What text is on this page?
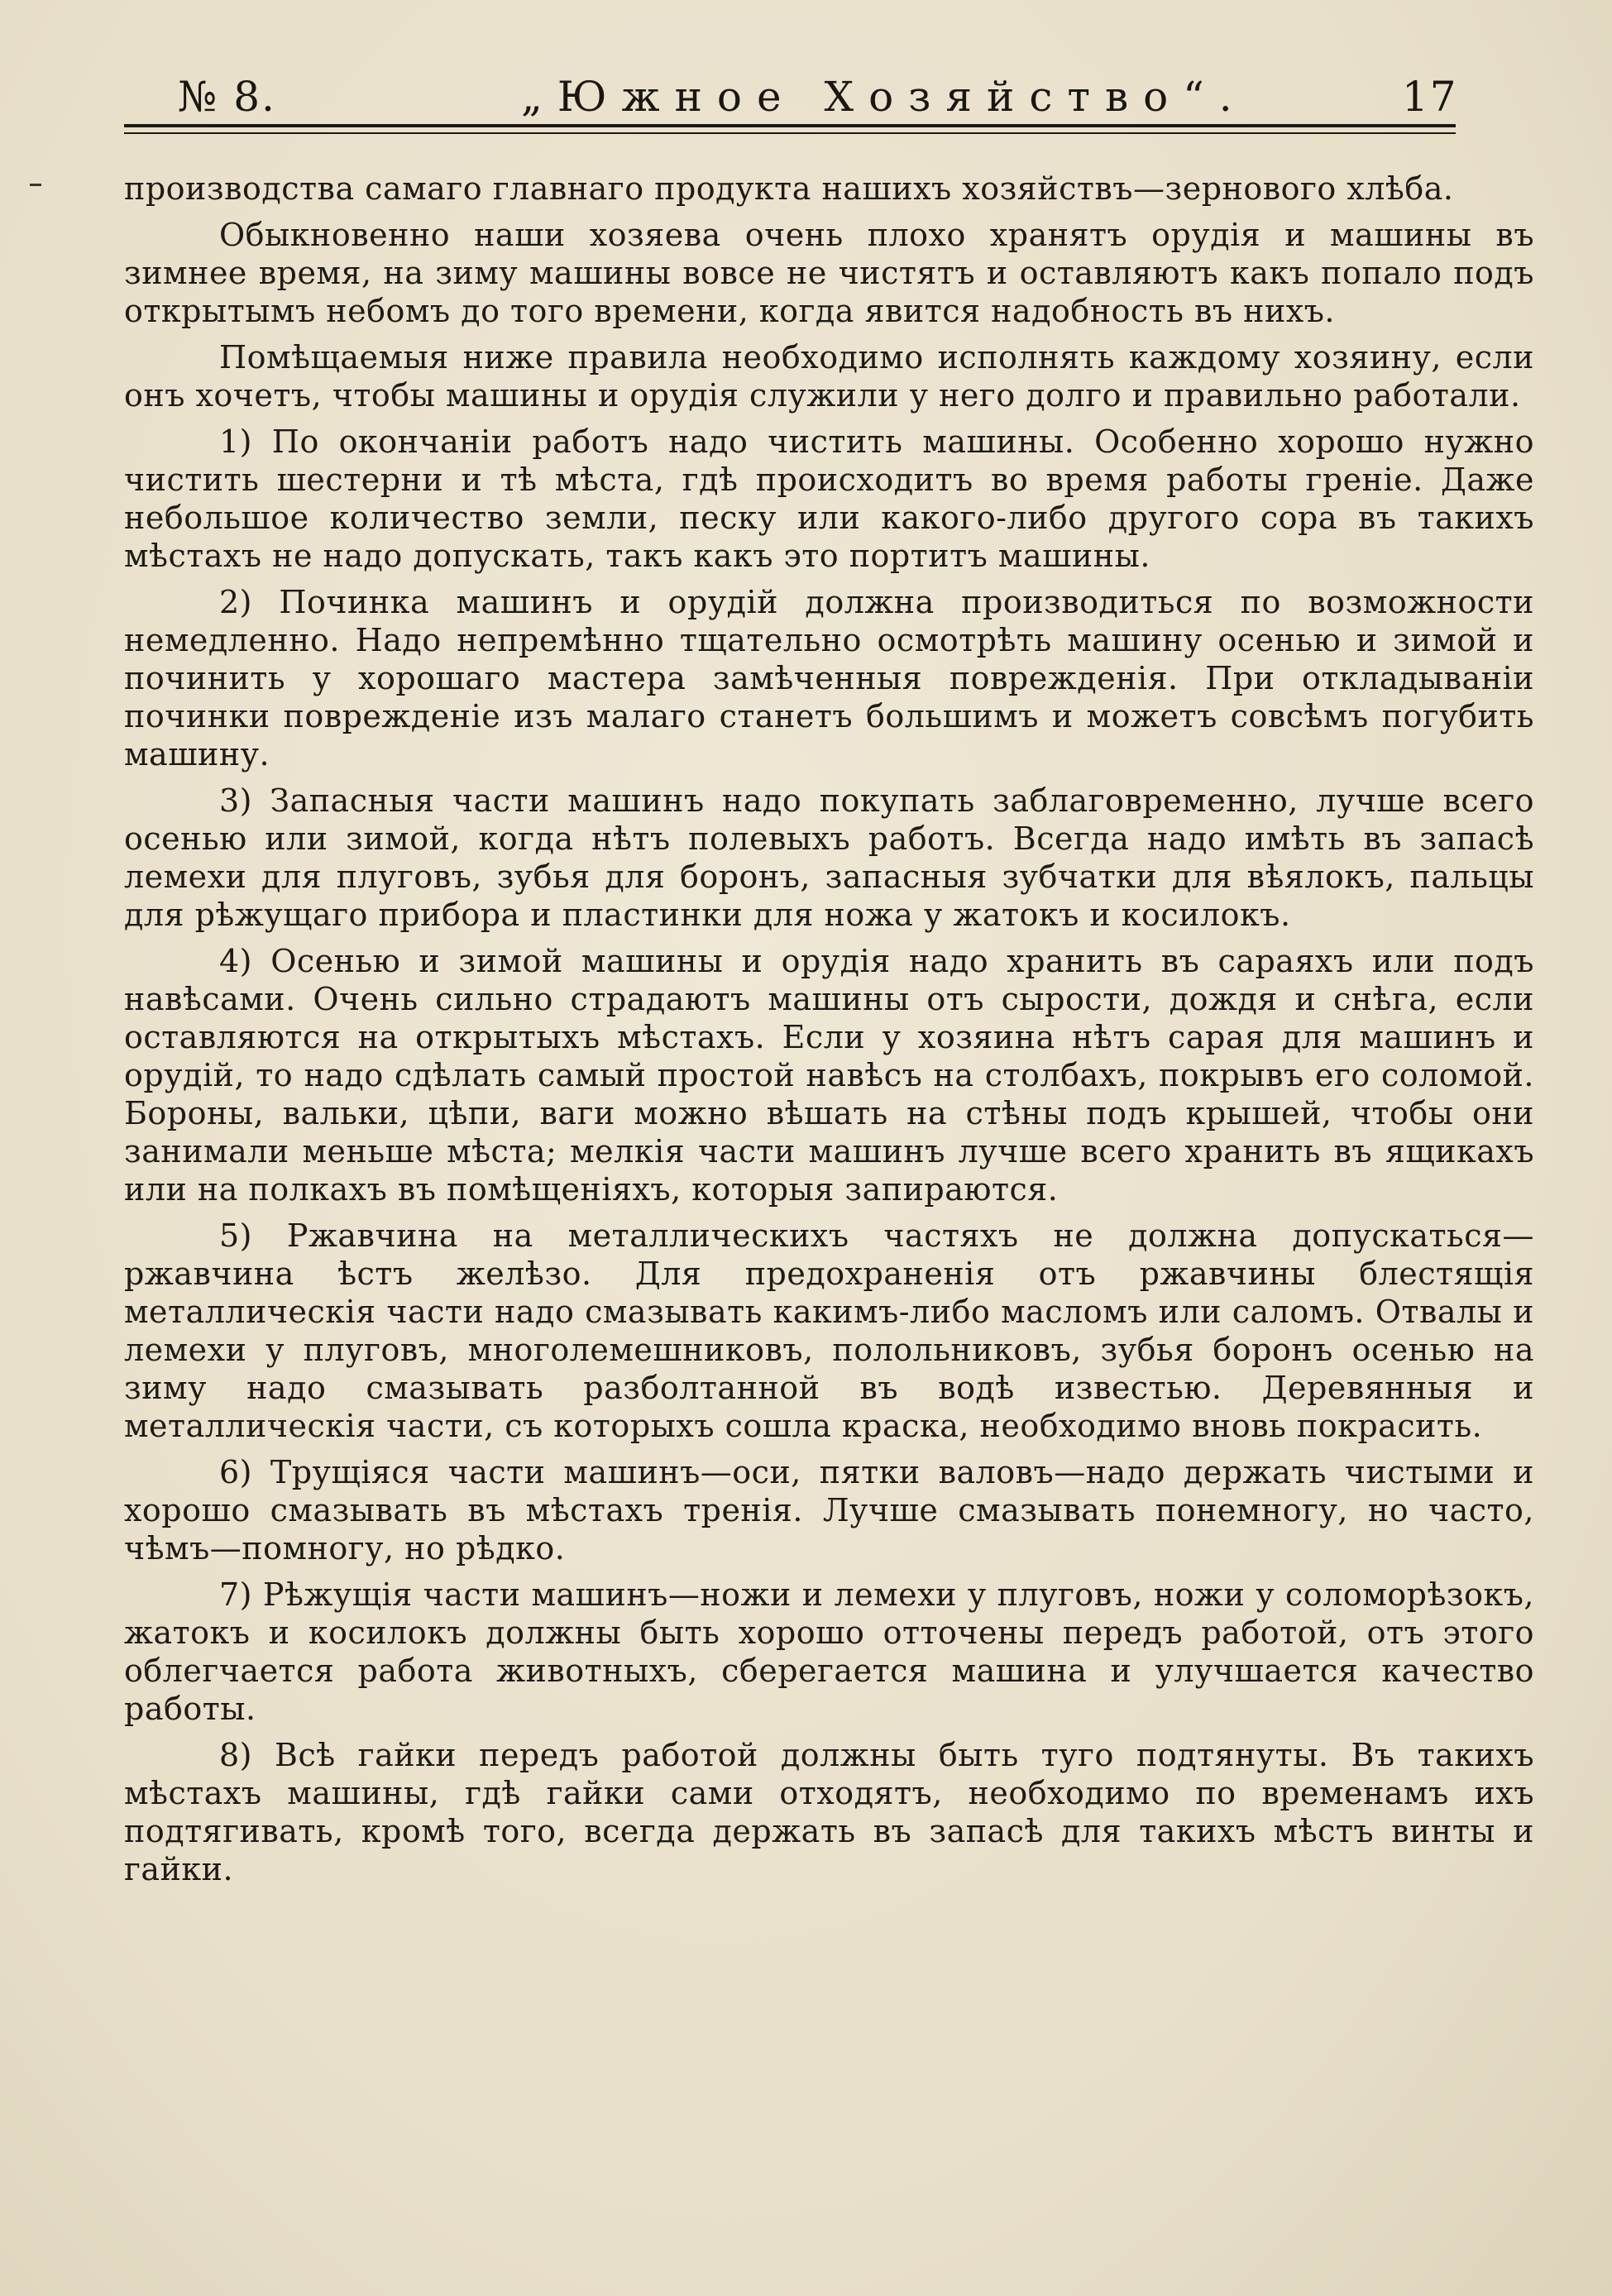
№ 8.	„Южное Хозяйство“.	17

производства самаго главнаго продукта нашихъ хозяйствъ—зернового хлѣба.

Обыкновенно наши хозяева очень плохо хранятъ орудія и машины въ зимнее время, на зиму машины вовсе не чистятъ и оставляютъ какъ попало подъ открытымъ небомъ до того времени, когда явится надобность въ нихъ.

Помѣщаемыя ниже правила необходимо исполнять каждому хозяину, если онъ хочетъ, чтобы машины и орудія служили у него долго и правильно работали.

1) По окончаніи работъ надо чистить машины. Особенно хорошо нужно чистить шестерни и тѣ мѣста, гдѣ происходитъ во время работы греніе. Даже небольшое количество земли, песку или какого-либо другого сора въ такихъ мѣстахъ не надо допускать, такъ какъ это портитъ машины.

2) Починка машинъ и орудій должна производиться по возможности немедленно. Надо непремѣнно тщательно осмотрѣть машину осенью и зимой и починить у хорошаго мастера замѣченныя поврежденія. При откладываніи починки поврежденіе изъ малаго станетъ большимъ и можетъ совсѣмъ погубить машину.

3) Запасныя части машинъ надо покупать заблаговременно, лучше всего осенью или зимой, когда нѣтъ полевыхъ работъ. Всегда надо имѣть въ запасѣ лемехи для плуговъ, зубья для боронъ, запасныя зубчатки для вѣялокъ, пальцы для рѣжущаго прибора и пластинки для ножа у жатокъ и косилокъ.

4) Осенью и зимой машины и орудія надо хранить въ сараяхъ или подъ навѣсами. Очень сильно страдаютъ машины отъ сырости, дождя и снѣга, если оставляются на открытыхъ мѣстахъ. Если у хозяина нѣтъ сарая для машинъ и орудій, то надо сдѣлать самый простой навѣсъ на столбахъ, покрывъ его соломой. Бороны, вальки, цѣпи, ваги можно вѣшать на стѣны подъ крышей, чтобы они занимали меньше мѣста; мелкія части машинъ лучше всего хранить въ ящикахъ или на полкахъ въ помѣщеніяхъ, которыя запираются.

5) Ржавчина на металлическихъ частяхъ не должна допускаться— ржавчина ѣстъ желѣзо. Для предохраненія отъ ржавчины блестящія металлическія части надо смазывать какимъ-либо масломъ или саломъ. Отвалы и лемехи у плуговъ, многолемешниковъ, полольниковъ, зубья боронъ осенью на зиму надо смазывать разболтанной въ водѣ известью. Деревянныя и металлическія части, съ которыхъ сошла краска, необходимо вновь покрасить.

6) Трущіяся части машинъ—оси, пятки валовъ—надо держать чистыми и хорошо смазывать въ мѣстахъ тренія. Лучше смазывать понемногу, но часто, чѣмъ—помногу, но рѣдко.

7) Рѣжущія части машинъ—ножи и лемехи у плуговъ, ножи у соломорѣзокъ, жатокъ и косилокъ должны быть хорошо отточены передъ работой, отъ этого облегчается работа животныхъ, сберегается машина и улучшается качество работы.

8) Всѣ гайки передъ работой должны быть туго подтянуты. Въ такихъ мѣстахъ машины, гдѣ гайки сами отходятъ, необходимо по временамъ ихъ подтягивать, кромѣ того, всегда держать въ запасѣ для такихъ мѣстъ винты и гайки.
